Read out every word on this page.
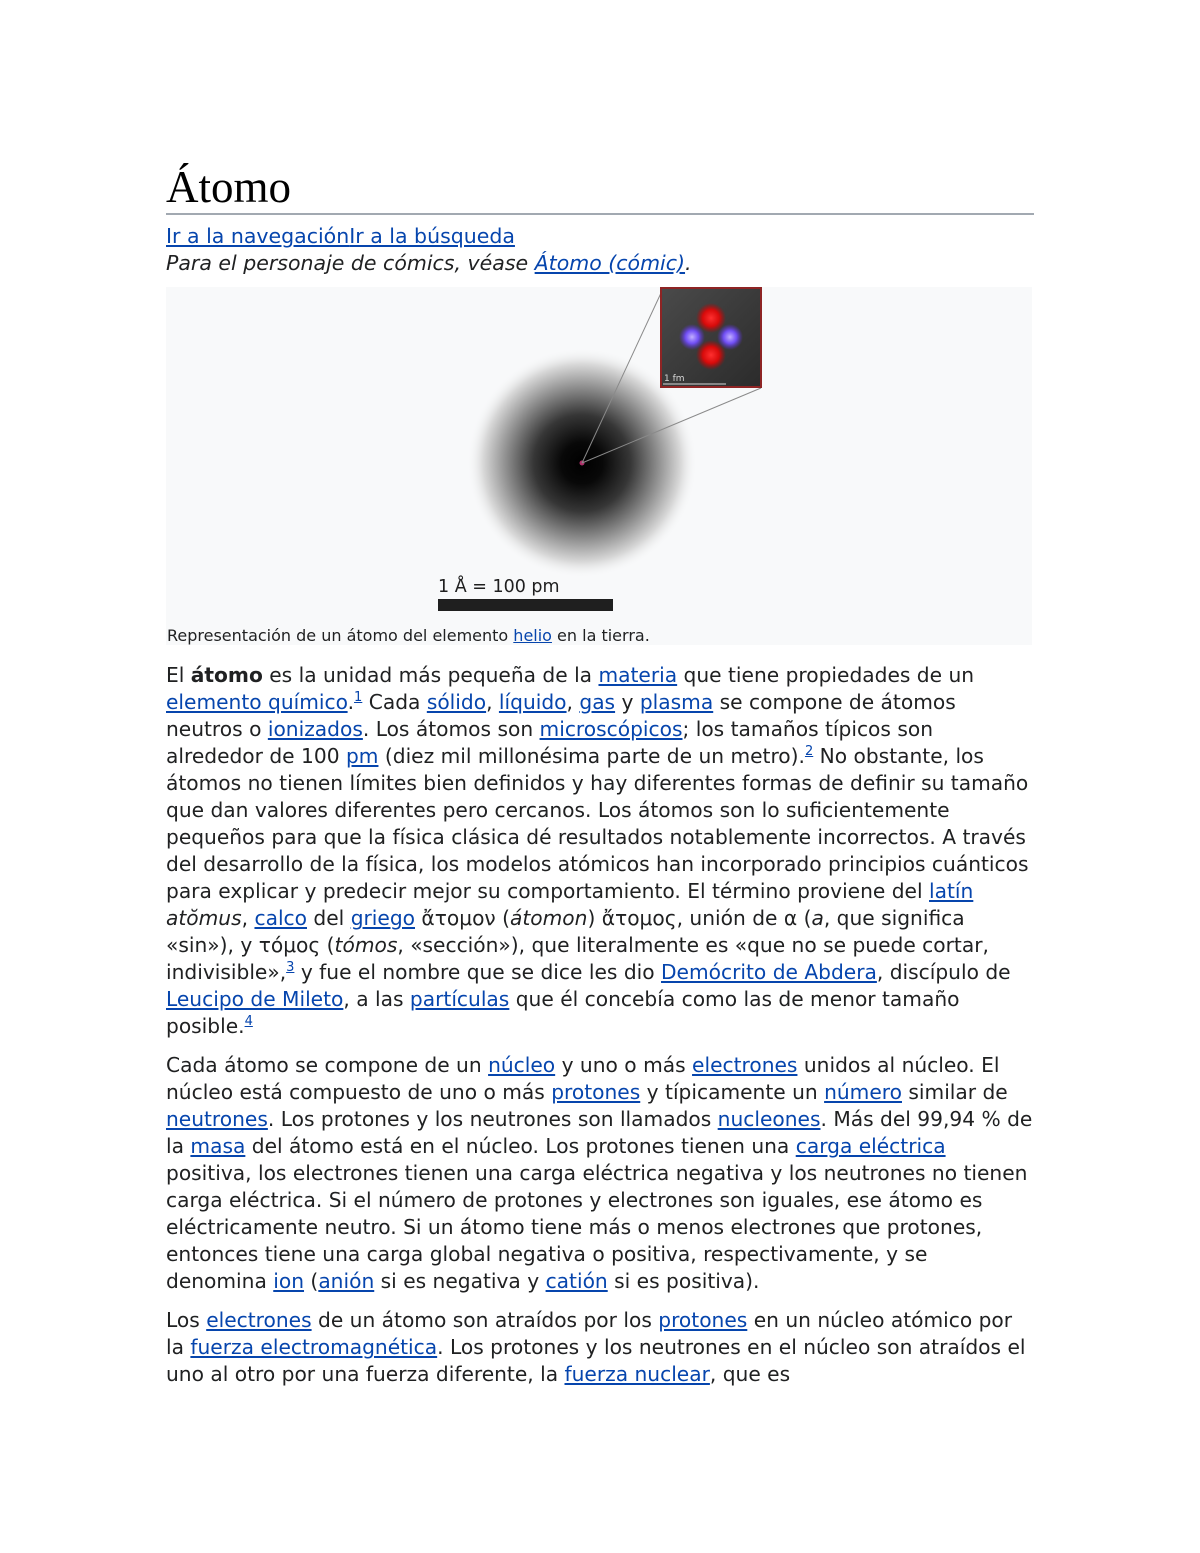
Átomo
Ir a la navegaciónIr a la búsqueda
Para el personaje de cómics, véase Átomo (cómic).
1 fm
1 Å = 100 pm
Representación de un átomo del elemento helio en la tierra.

El átomo es la unidad más pequeña de la materia que tiene propiedades de un elemento químico.$^1$ Cada sólido, líquido, gas y plasma se compone de átomos neutros o ionizados. Los átomos son microscópicos; los tamaños típicos son alrededor de 100 pm (diez mil millonésima parte de un metro).$^2$ No obstante, los átomos no tienen límites bien definidos y hay diferentes formas de definir su tamaño que dan valores diferentes pero cercanos. Los átomos son lo suficientemente pequeños para que la física clásica dé resultados notablemente incorrectos. A través del desarrollo de la física, los modelos atómicos han incorporado principios cuánticos para explicar y predecir mejor su comportamiento. El término proviene del latín atŏmus, calco del griego ἄτομον (átomon) ἄτομος, unión de α (a, que significa «sin»), y τόμος (tómos, «sección»), que literalmente es «que no se puede cortar, indivisible»,$^3$ y fue el nombre que se dice les dio Demócrito de Abdera, discípulo de Leucipo de Mileto, a las partículas que él concebía como las de menor tamaño posible.$^4$

Cada átomo se compone de un núcleo y uno o más electrones unidos al núcleo. El núcleo está compuesto de uno o más protones y típicamente un número similar de neutrones. Los protones y los neutrones son llamados nucleones. Más del 99,94 % de la masa del átomo está en el núcleo. Los protones tienen una carga eléctrica positiva, los electrones tienen una carga eléctrica negativa y los neutrones no tienen carga eléctrica. Si el número de protones y electrones son iguales, ese átomo es eléctricamente neutro. Si un átomo tiene más o menos electrones que protones, entonces tiene una carga global negativa o positiva, respectivamente, y se denomina ion (anión si es negativa y catión si es positiva).

Los electrones de un átomo son atraídos por los protones en un núcleo atómico por la fuerza electromagnética. Los protones y los neutrones en el núcleo son atraídos el uno al otro por una fuerza diferente, la fuerza nuclear, que es
